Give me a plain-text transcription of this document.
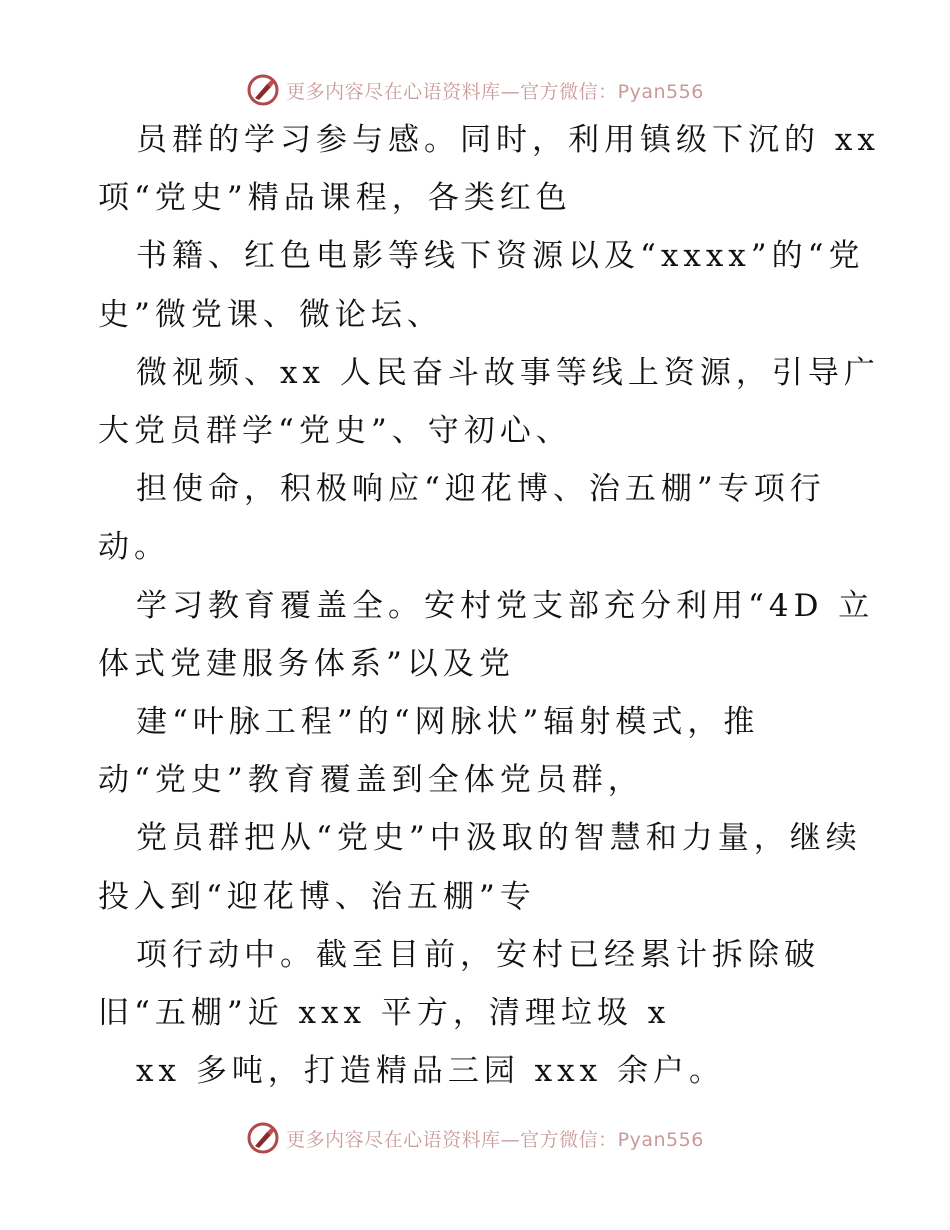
更多内容尽在心语资料库—官方微信：Pyan556
员群的学习参与感。同时，利用镇级下沉的 xx
项“党史”精品课程，各类红色
书籍、红色电影等线下资源以及“xxxx”的“党
史”微党课、微论坛、
微视频、xx 人民奋斗故事等线上资源，引导广
大党员群学“党史”、守初心、
担使命，积极响应“迎花博、治五棚”专项行
动。
学习教育覆盖全。安村党支部充分利用“4D 立
体式党建服务体系”以及党
建“叶脉工程”的“网脉状”辐射模式，推
动“党史”教育覆盖到全体党员群，
党员群把从“党史”中汲取的智慧和力量，继续
投入到“迎花博、治五棚”专
项行动中。截至目前，安村已经累计拆除破
旧“五棚”近 xxx 平方，清理垃圾 x
xx 多吨，打造精品三园 xxx 余户。
更多内容尽在心语资料库—官方微信：Pyan556
